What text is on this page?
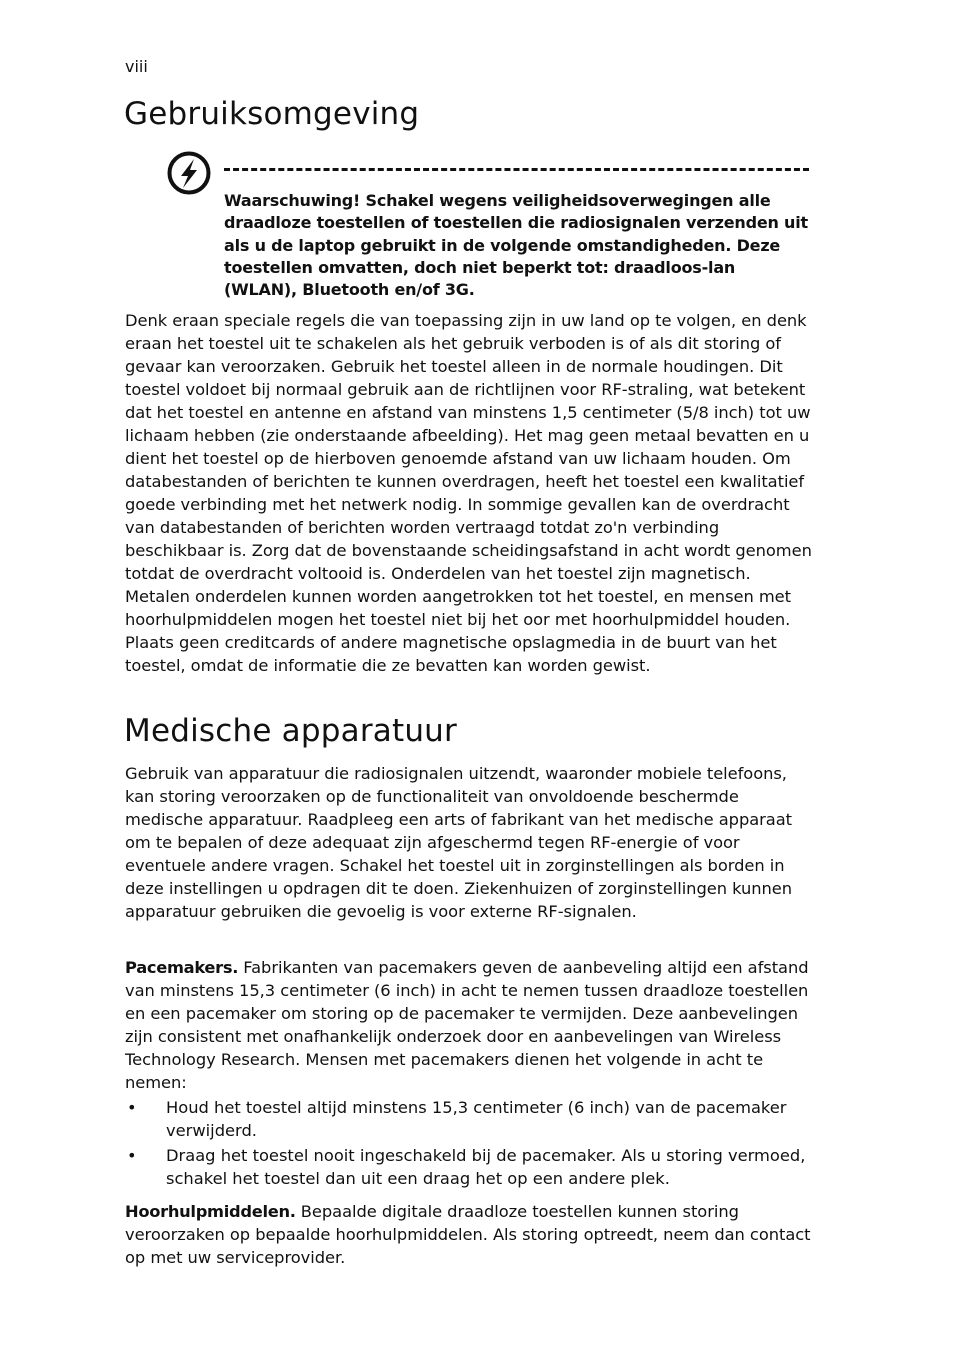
viii
Gebruiksomgeving
Waarschuwing! Schakel wegens veiligheidsoverwegingen alle draadloze toestellen of toestellen die radiosignalen verzenden uit als u de laptop gebruikt in de volgende omstandigheden. Deze toestellen omvatten, doch niet beperkt tot: draadloos-lan (WLAN), Bluetooth en/of 3G.

Denk eraan speciale regels die van toepassing zijn in uw land op te volgen, en denk eraan het toestel uit te schakelen als het gebruik verboden is of als dit storing of gevaar kan veroorzaken. Gebruik het toestel alleen in de normale houdingen. Dit toestel voldoet bij normaal gebruik aan de richtlijnen voor RF-straling, wat betekent dat het toestel en antenne en afstand van minstens 1,5 centimeter (5/8 inch) tot uw lichaam hebben (zie onderstaande afbeelding). Het mag geen metaal bevatten en u dient het toestel op de hierboven genoemde afstand van uw lichaam houden. Om databestanden of berichten te kunnen overdragen, heeft het toestel een kwalitatief goede verbinding met het netwerk nodig. In sommige gevallen kan de overdracht van databestanden of berichten worden vertraagd totdat zo'n verbinding beschikbaar is. Zorg dat de bovenstaande scheidingsafstand in acht wordt genomen totdat de overdracht voltooid is. Onderdelen van het toestel zijn magnetisch. Metalen onderdelen kunnen worden aangetrokken tot het toestel, en mensen met hoorhulpmiddelen mogen het toestel niet bij het oor met hoorhulpmiddel houden. Plaats geen creditcards of andere magnetische opslagmedia in de buurt van het toestel, omdat de informatie die ze bevatten kan worden gewist.

Medische apparatuur

Gebruik van apparatuur die radiosignalen uitzendt, waaronder mobiele telefoons, kan storing veroorzaken op de functionaliteit van onvoldoende beschermde medische apparatuur. Raadpleeg een arts of fabrikant van het medische apparaat om te bepalen of deze adequaat zijn afgeschermd tegen RF-energie of voor eventuele andere vragen. Schakel het toestel uit in zorginstellingen als borden in deze instellingen u opdragen dit te doen. Ziekenhuizen of zorginstellingen kunnen apparatuur gebruiken die gevoelig is voor externe RF-signalen.

Pacemakers. Fabrikanten van pacemakers geven de aanbeveling altijd een afstand van minstens 15,3 centimeter (6 inch) in acht te nemen tussen draadloze toestellen en een pacemaker om storing op de pacemaker te vermijden. Deze aanbevelingen zijn consistent met onafhankelijk onderzoek door en aanbevelingen van Wireless Technology Research. Mensen met pacemakers dienen het volgende in acht te nemen:

• Houd het toestel altijd minstens 15,3 centimeter (6 inch) van de pacemaker verwijderd.
• Draag het toestel nooit ingeschakeld bij de pacemaker. Als u storing vermoed, schakel het toestel dan uit een draag het op een andere plek.

Hoorhulpmiddelen. Bepaalde digitale draadloze toestellen kunnen storing veroorzaken op bepaalde hoorhulpmiddelen. Als storing optreedt, neem dan contact op met uw serviceprovider.
